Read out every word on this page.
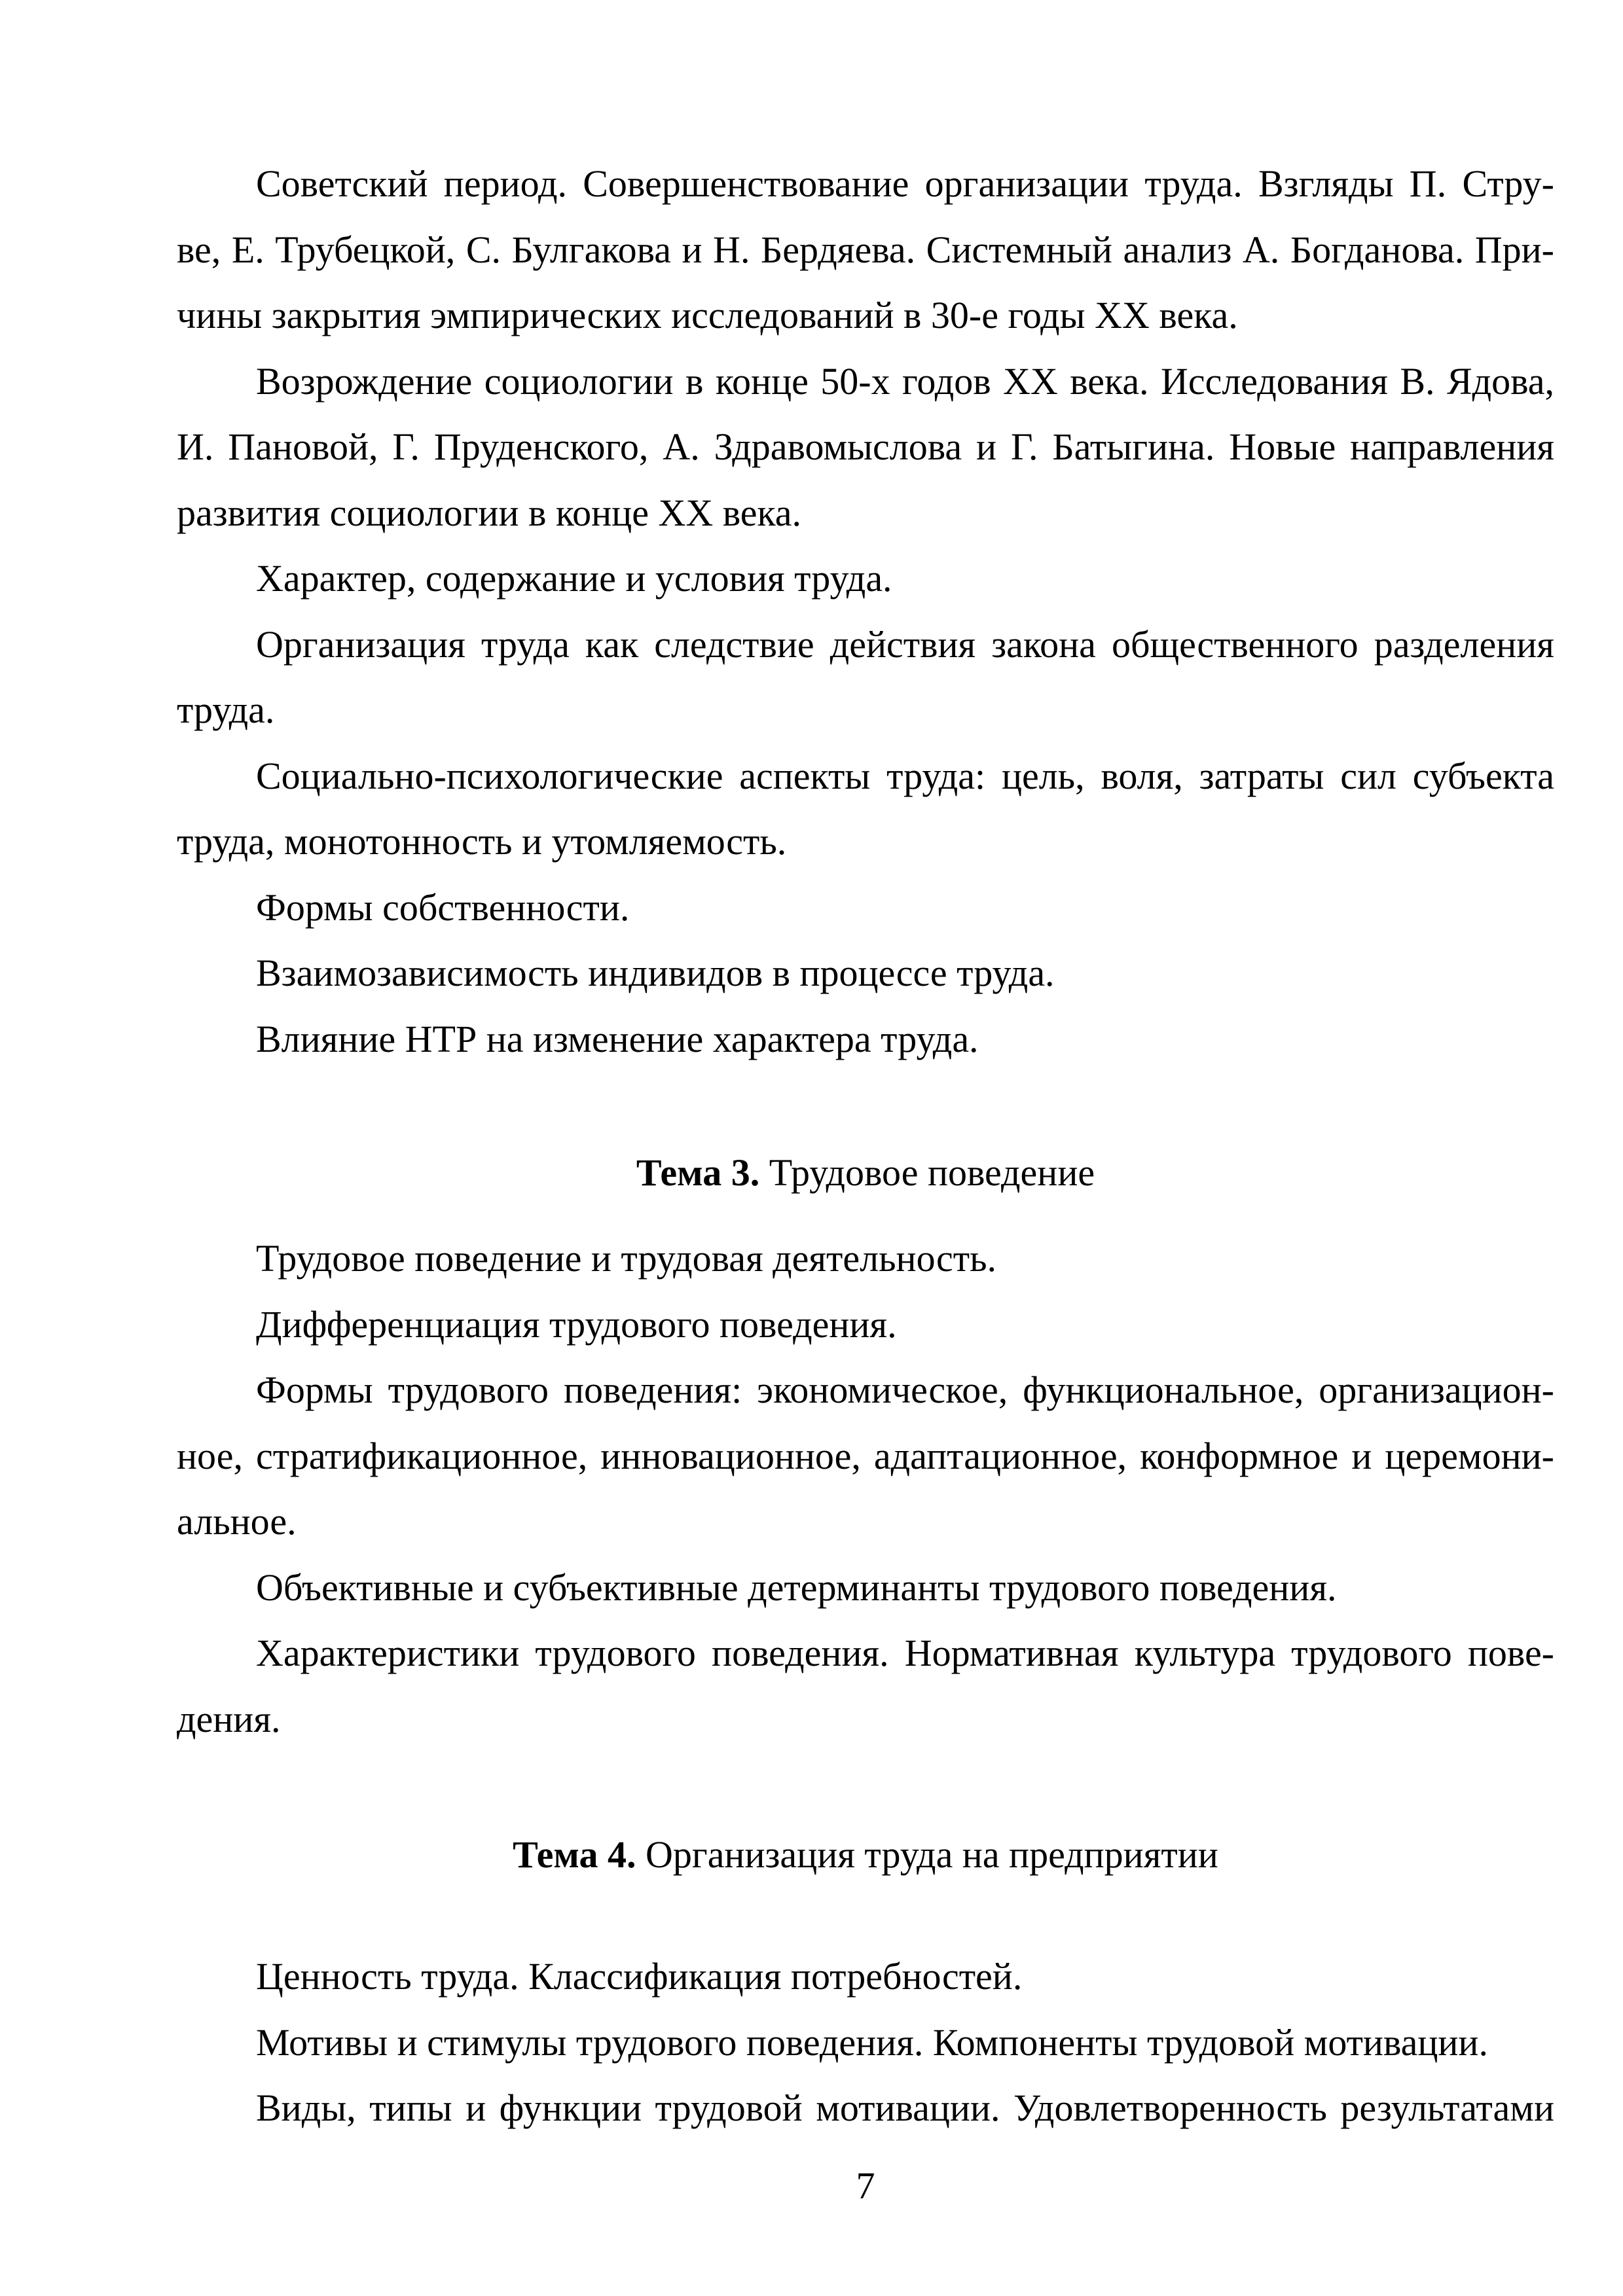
Советский период. Совершенствование организации труда. Взгляды П. Стру-
ве, Е. Трубецкой, С. Булгакова и Н. Бердяева. Системный анализ А. Богданова. При-
чины закрытия эмпирических исследований в 30-е годы XX века.
Возрождение социологии в конце 50-х годов XX века. Исследования В. Ядова,
И. Пановой, Г. Пруденского, А. Здравомыслова и Г. Батыгина. Новые направления
развития социологии в конце XX века.
Характер, содержание и условия труда.
Организация труда как следствие действия закона общественного разделения
труда.
Социально-психологические аспекты труда: цель, воля, затраты сил субъекта
труда, монотонность и утомляемость.
Формы собственности.
Взаимозависимость индивидов в процессе труда.
Влияние НТР на изменение характера труда.
Тема 3. Трудовое поведение
Трудовое поведение и трудовая деятельность.
Дифференциация трудового поведения.
Формы трудового поведения: экономическое, функциональное, организацион-
ное, стратификационное, инновационное, адаптационное, конформное и церемони-
альное.
Объективные и субъективные детерминанты трудового поведения.
Характеристики трудового поведения. Нормативная культура трудового пове-
дения.
Тема 4. Организация труда на предприятии
Ценность труда. Классификация потребностей.
Мотивы и стимулы трудового поведения. Компоненты трудовой мотивации.
Виды, типы и функции трудовой мотивации. Удовлетворенность результатами
7
